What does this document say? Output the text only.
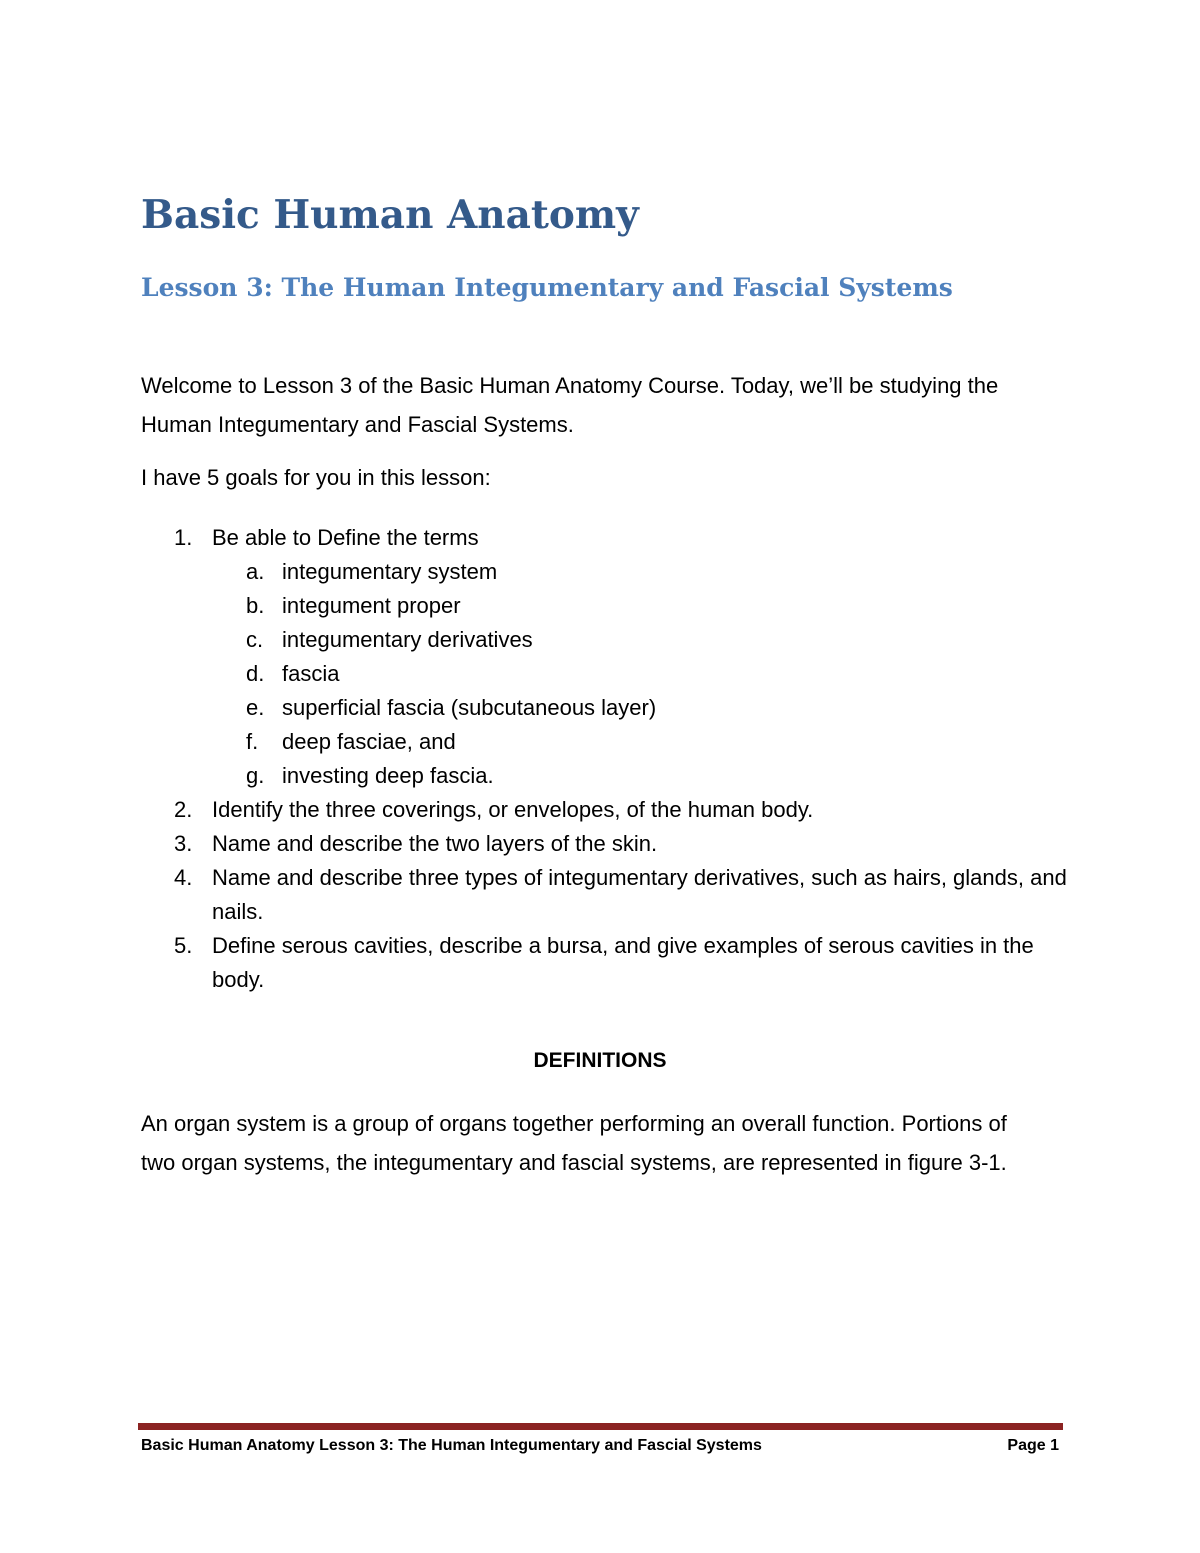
Basic Human Anatomy
Lesson 3: The Human Integumentary and Fascial Systems

Welcome to Lesson 3 of the Basic Human Anatomy Course. Today, we’ll be studying the Human Integumentary and Fascial Systems.

I have 5 goals for you in this lesson:

1. Be able to Define the terms
a. integumentary system
b. integument proper
c. integumentary derivatives
d. fascia
e. superficial fascia (subcutaneous layer)
f. deep fasciae, and
g. investing deep fascia.
2. Identify the three coverings, or envelopes, of the human body.
3. Name and describe the two layers of the skin.
4. Name and describe three types of integumentary derivatives, such as hairs, glands, and nails.
5. Define serous cavities, describe a bursa, and give examples of serous cavities in the body.
DEFINITIONS

An organ system is a group of organs together performing an overall function. Portions of two organ systems, the integumentary and fascial systems, are represented in figure 3-1.

Basic Human Anatomy Lesson 3: The Human Integumentary and Fascial Systems	Page 1
